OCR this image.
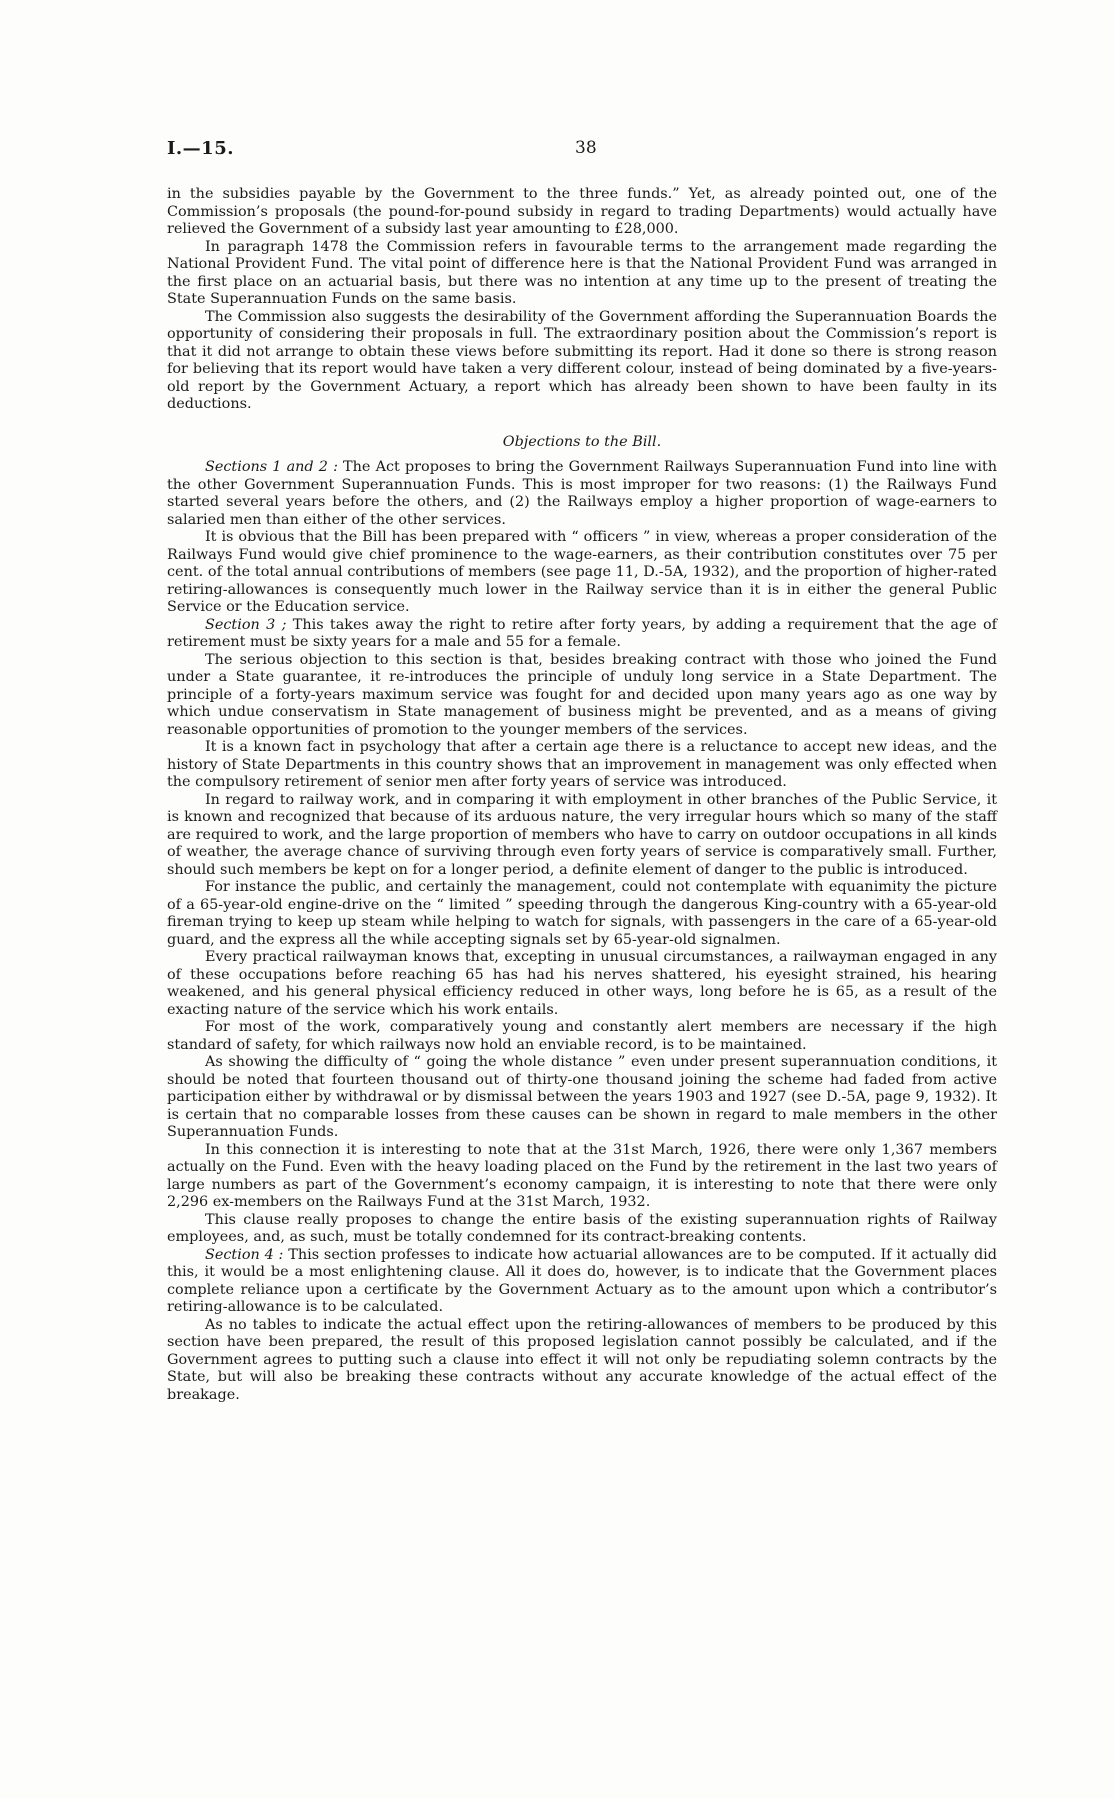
I.—15.	38

in the subsidies payable by the Government to the three funds.” Yet, as already pointed out, one of the Commission’s proposals (the pound-for-pound subsidy in regard to trading Departments) would actually have relieved the Government of a subsidy last year amounting to £28,000.

In paragraph 1478 the Commission refers in favourable terms to the arrangement made regarding the National Provident Fund. The vital point of difference here is that the National Provident Fund was arranged in the first place on an actuarial basis, but there was no intention at any time up to the present of treating the State Superannuation Funds on the same basis.

The Commission also suggests the desirability of the Government affording the Superannuation Boards the opportunity of considering their proposals in full. The extraordinary position about the Commission’s report is that it did not arrange to obtain these views before submitting its report. Had it done so there is strong reason for believing that its report would have taken a very different colour, instead of being dominated by a five-years-old report by the Government Actuary, a report which has already been shown to have been faulty in its deductions.

Objections to the Bill.

Sections 1 and 2 : The Act proposes to bring the Government Railways Superannuation Fund into line with the other Government Superannuation Funds. This is most improper for two reasons: (1) the Railways Fund started several years before the others, and (2) the Railways employ a higher proportion of wage-earners to salaried men than either of the other services.

It is obvious that the Bill has been prepared with “ officers ” in view, whereas a proper consideration of the Railways Fund would give chief prominence to the wage-earners, as their contribution constitutes over 75 per cent. of the total annual contributions of members (see page 11, D.-5A, 1932), and the proportion of higher-rated retiring-allowances is consequently much lower in the Railway service than it is in either the general Public Service or the Education service.

Section 3 ; This takes away the right to retire after forty years, by adding a requirement that the age of retirement must be sixty years for a male and 55 for a female.

The serious objection to this section is that, besides breaking contract with those who joined the Fund under a State guarantee, it re-introduces the principle of unduly long service in a State Department. The principle of a forty-years maximum service was fought for and decided upon many years ago as one way by which undue conservatism in State management of business might be prevented, and as a means of giving reasonable opportunities of promotion to the younger members of the services.

It is a known fact in psychology that after a certain age there is a reluctance to accept new ideas, and the history of State Departments in this country shows that an improvement in management was only effected when the compulsory retirement of senior men after forty years of service was introduced.

In regard to railway work, and in comparing it with employment in other branches of the Public Service, it is known and recognized that because of its arduous nature, the very irregular hours which so many of the staff are required to work, and the large proportion of members who have to carry on outdoor occupations in all kinds of weather, the average chance of surviving through even forty years of service is comparatively small. Further, should such members be kept on for a longer period, a definite element of danger to the public is introduced.

For instance the public, and certainly the management, could not contemplate with equanimity the picture of a 65-year-old engine-drive on the “ limited ” speeding through the dangerous King-country with a 65-year-old fireman trying to keep up steam while helping to watch for signals, with passengers in the care of a 65-year-old guard, and the express all the while accepting signals set by 65-year-old signalmen.

Every practical railwayman knows that, excepting in unusual circumstances, a railwayman engaged in any of these occupations before reaching 65 has had his nerves shattered, his eyesight strained, his hearing weakened, and his general physical efficiency reduced in other ways, long before he is 65, as a result of the exacting nature of the service which his work entails.

For most of the work, comparatively young and constantly alert members are necessary if the high standard of safety, for which railways now hold an enviable record, is to be maintained.

As showing the difficulty of “ going the whole distance ” even under present superannuation conditions, it should be noted that fourteen thousand out of thirty-one thousand joining the scheme had faded from active participation either by withdrawal or by dismissal between the years 1903 and 1927 (see D.-5A, page 9, 1932). It is certain that no comparable losses from these causes can be shown in regard to male members in the other Superannuation Funds.

In this connection it is interesting to note that at the 31st March, 1926, there were only 1,367 members actually on the Fund. Even with the heavy loading placed on the Fund by the retirement in the last two years of large numbers as part of the Government’s economy campaign, it is interesting to note that there were only 2,296 ex-members on the Railways Fund at the 31st March, 1932.

This clause really proposes to change the entire basis of the existing superannuation rights of Railway employees, and, as such, must be totally condemned for its contract-breaking contents.

Section 4 : This section professes to indicate how actuarial allowances are to be computed. If it actually did this, it would be a most enlightening clause. All it does do, however, is to indicate that the Government places complete reliance upon a certificate by the Government Actuary as to the amount upon which a contributor’s retiring-allowance is to be calculated.

As no tables to indicate the actual effect upon the retiring-allowances of members to be produced by this section have been prepared, the result of this proposed legislation cannot possibly be calculated, and if the Government agrees to putting such a clause into effect it will not only be repudiating solemn contracts by the State, but will also be breaking these contracts without any accurate knowledge of the actual effect of the breakage.
